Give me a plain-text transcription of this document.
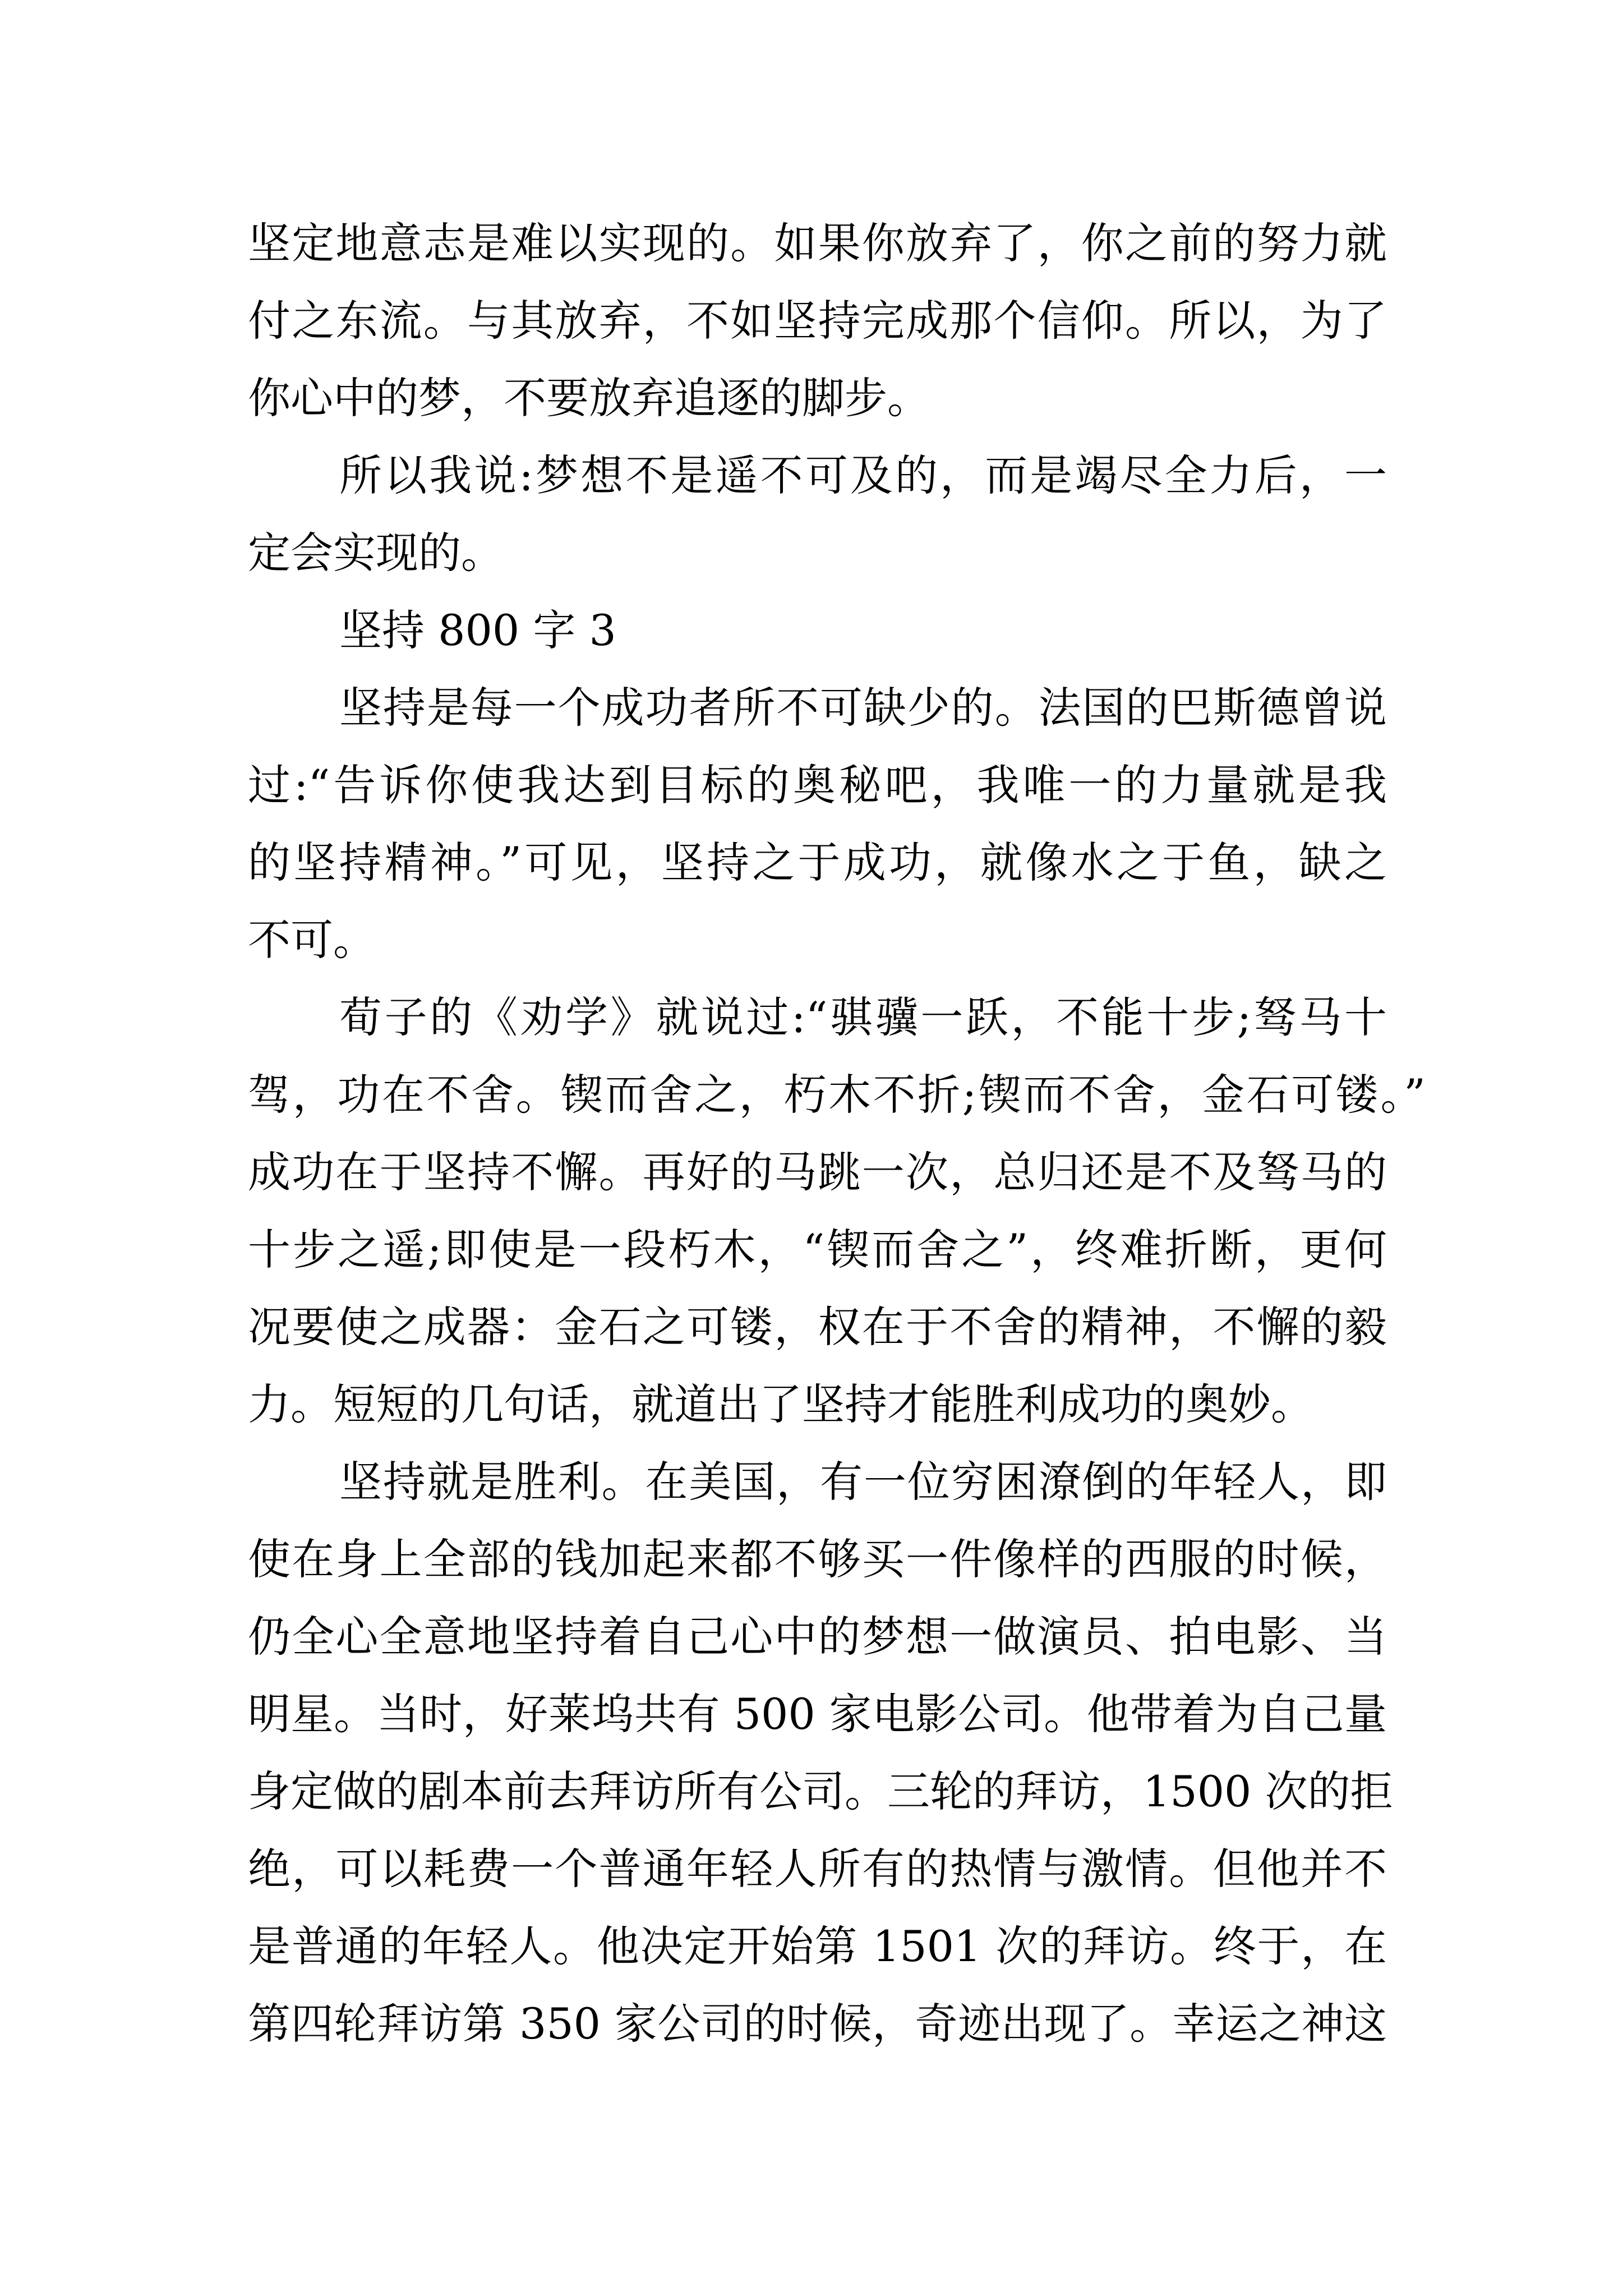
坚定地意志是难以实现的。如果你放弃了，你之前的努力就
付之东流。与其放弃，不如坚持完成那个信仰。所以，为了
你心中的梦，不要放弃追逐的脚步。
所以我说:梦想不是遥不可及的，而是竭尽全力后，一
定会实现的。
坚持 800 字 3
坚持是每一个成功者所不可缺少的。法国的巴斯德曾说
过:“告诉你使我达到目标的奥秘吧，我唯一的力量就是我
的坚持精神。”可见，坚持之于成功，就像水之于鱼，缺之
不可。
荀子的《劝学》就说过:“骐骥一跃，不能十步;驽马十
驾，功在不舍。锲而舍之，朽木不折;锲而不舍，金石可镂。”
成功在于坚持不懈。再好的马跳一次，总归还是不及驽马的
十步之遥;即使是一段朽木，“锲而舍之”，终难折断，更何
况要使之成器：金石之可镂，权在于不舍的精神，不懈的毅
力。短短的几句话，就道出了坚持才能胜利成功的奥妙。
坚持就是胜利。在美国，有一位穷困潦倒的年轻人，即
使在身上全部的钱加起来都不够买一件像样的西服的时候，
仍全心全意地坚持着自己心中的梦想一做演员、拍电影、当
明星。当时，好莱坞共有 500 家电影公司。他带着为自己量
身定做的剧本前去拜访所有公司。三轮的拜访，1500 次的拒
绝，可以耗费一个普通年轻人所有的热情与激情。但他并不
是普通的年轻人。他决定开始第 1501 次的拜访。终于，在
第四轮拜访第 350 家公司的时候，奇迹出现了。幸运之神这
